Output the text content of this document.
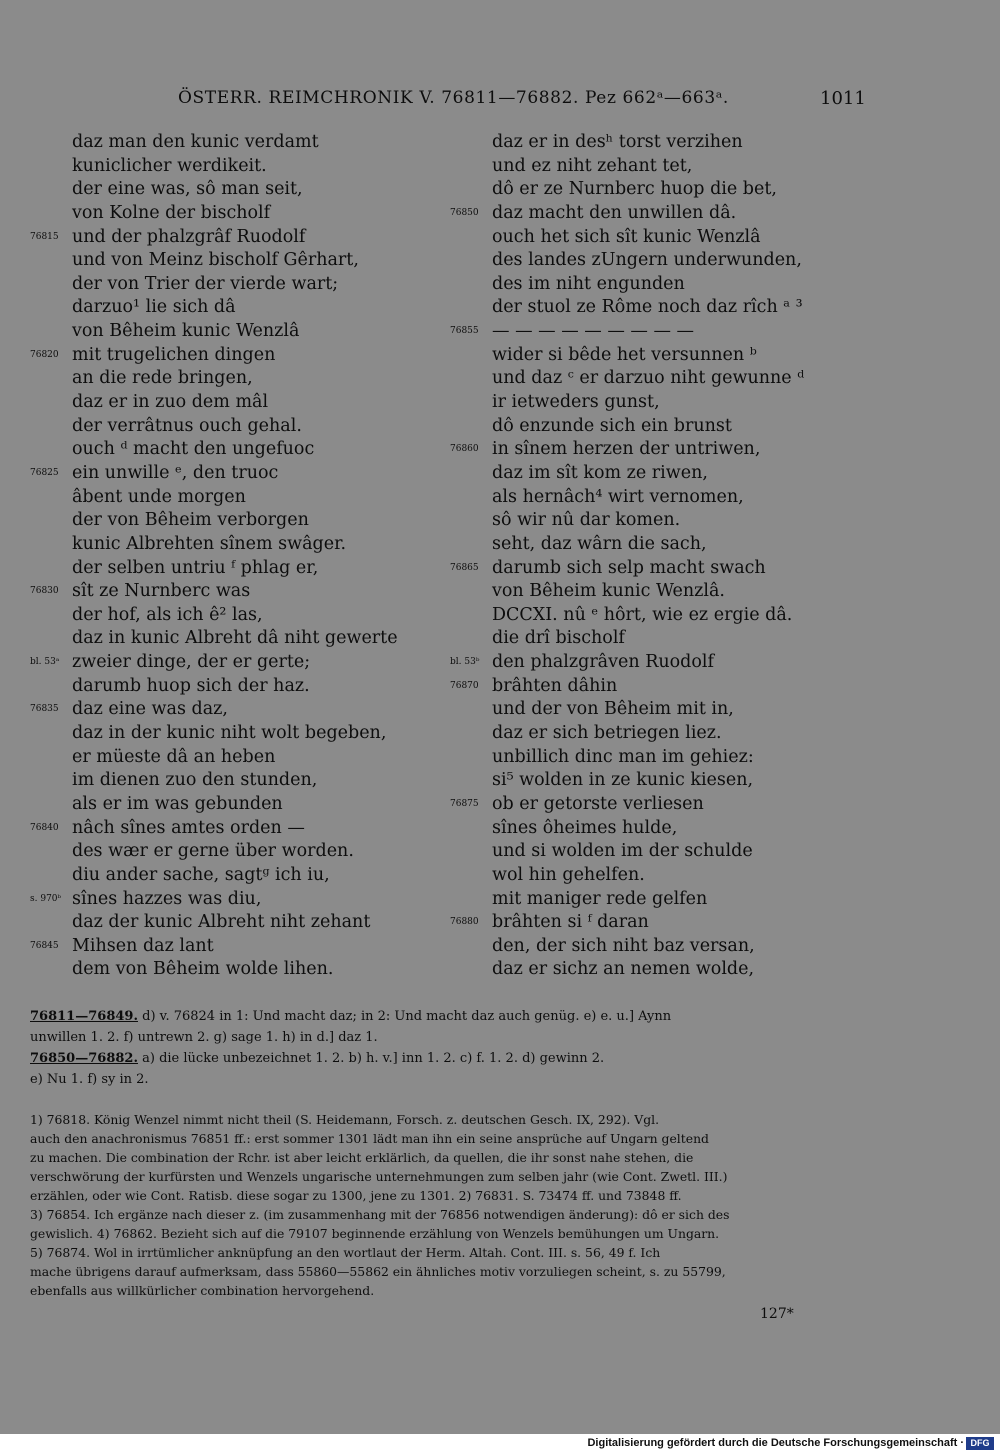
ÖSTERR. REIMCHRONIK V. 76811—76882. Pez 662ᵃ—663ᵃ.	1011
daz man den kunic verdamt
kuniclicher werdikeit.
der eine was, sô man seit,
von Kolne der bischolf
76815 und der phalzgrâf Ruodolf
und von Meinz bischolf Gêrhart,
der von Trier der vierde wart;
darzuo¹ lie sich dâ
von Bêheim kunic Wenzlâ
76820 mit trugelichen dingen
an die rede bringen,
daz er in zuo dem mâl
der verrâtnus ouch gehal.
ouch ᵈ macht den ungefuoc
76825 ein unwille ᵉ, den truoc
âbent unde morgen
der von Bêheim verborgen
kunic Albrehten sînem swâger.
der selben untriu ᶠ phlag er,
76830 sît ze Nurnberc was
der hof, als ich ê² las,
daz in kunic Albreht dâ niht gewerte
bl. 53ᵃ zweier dinge, der er gerte;
darumb huop sich der haz.
76835 daz eine was daz,
daz in der kunic niht wolt begeben,
er müeste dâ an heben
im dienen zuo den stunden,
als er im was gebunden
76840 nâch sînes amtes orden —
des wær er gerne über worden.
diu ander sache, sagtᵍ ich iu,
s. 970ᵇ sînes hazzes was diu,
daz der kunic Albreht niht zehant
76845 Mihsen daz lant
dem von Bêheim wolde lihen.
daz er in desʰ torst verzihen
und ez niht zehant tet,
dô er ze Nurnberc huop die bet,
76850 daz macht den unwillen dâ.
ouch het sich sît kunic Wenzlâ
des landes zUngern underwunden,
des im niht engunden
der stuol ze Rôme noch daz rîch ᵃ ³
76855 — — — — — — — — —
wider si bêde het versunnen ᵇ
und daz ᶜ er darzuo niht gewunne ᵈ
ir ietweders gunst,
dô enzunde sich ein brunst
76860 in sînem herzen der untriwen,
daz im sît kom ze riwen,
als hernâch⁴ wirt vernomen,
sô wir nû dar komen.
seht, daz wârn die sach,
76865 darumb sich selp macht swach
von Bêheim kunic Wenzlâ.
DCCXI. nû ᵉ hôrt, wie ez ergie dâ.
die drî bischolf
bl. 53ᵇ den phalzgrâven Ruodolf
76870 brâhten dâhin
und der von Bêheim mit in,
daz er sich betriegen liez.
unbillich dinc man im gehiez:
si⁵ wolden in ze kunic kiesen,
76875 ob er getorste verliesen
sînes ôheimes hulde,
und si wolden im der schulde
wol hin gehelfen.
mit maniger rede gelfen
76880 brâhten si ᶠ daran
den, der sich niht baz versan,
daz er sichz an nemen wolde,
76811—76849. d) v. 76824 in 1: Und macht daz; in 2: Und macht daz auch genüg. e) e. u.] Aynn
unwillen 1. 2. f) untrewn 2. g) sage 1. h) in d.] daz 1.
76850—76882. a) die lücke unbezeichnet 1. 2. b) h. v.] inn 1. 2. c) f. 1. 2. d) gewinn 2.
e) Nu 1. f) sy in 2.
1) 76818. König Wenzel nimmt nicht theil (S. Heidemann, Forsch. z. deutschen Gesch. IX, 292). Vgl.
auch den anachronismus 76851 ff.: erst sommer 1301 lädt man ihn ein seine ansprüche auf Ungarn geltend
zu machen. Die combination der Rchr. ist aber leicht erklärlich, da quellen, die ihr sonst nahe stehen, die
verschwörung der kurfürsten und Wenzels ungarische unternehmungen zum selben jahr (wie Cont. Zwetl. III.)
erzählen, oder wie Cont. Ratisb. diese sogar zu 1300, jene zu 1301. 2) 76831. S. 73474 ff. und 73848 ff.
3) 76854. Ich ergänze nach dieser z. (im zusammenhang mit der 76856 notwendigen änderung): dô er sich des
gewislich. 4) 76862. Bezieht sich auf die 79107 beginnende erzählung von Wenzels bemühungen um Ungarn.
5) 76874. Wol in irrtümlicher anknüpfung an den wortlaut der Herm. Altah. Cont. III. s. 56, 49 f. Ich
mache übrigens darauf aufmerksam, dass 55860—55862 ein ähnliches motiv vorzuliegen scheint, s. zu 55799,
ebenfalls aus willkürlicher combination hervorgehend.
127*
Digitalisierung gefördert durch die Deutsche Forschungsgemeinschaft · DFG
